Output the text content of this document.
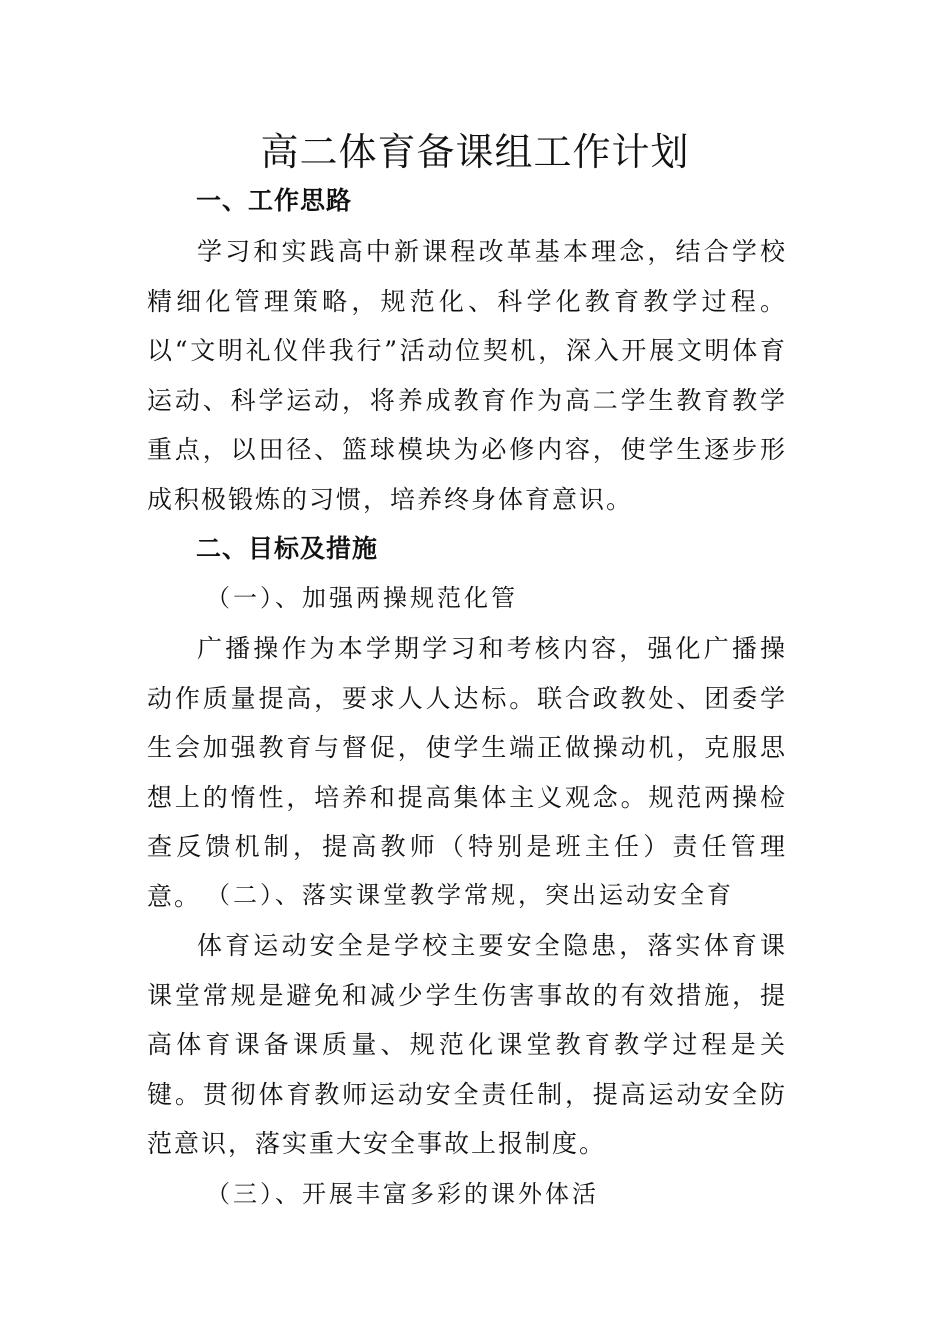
高二体育备课组工作计划
一、工作思路

学习和实践高中新课程改革基本理念，结合学校精细化管理策略，规范化、科学化教育教学过程。以“文明礼仪伴我行”活动位契机，深入开展文明体育运动、科学运动，将养成教育作为高二学生教育教学重点，以田径、篮球模块为必修内容，使学生逐步形成积极锻炼的习惯，培养终身体育意识。

二、目标及措施
（一）、加强两操规范化管

广播操作为本学期学习和考核内容，强化广播操动作质量提高，要求人人达标。联合政教处、团委学生会加强教育与督促，使学生端正做操动机，克服思想上的惰性，培养和提高集体主义观念。规范两操检查反馈机制，提高教师（特别是班主任）责任管理意。 （二）、落实课堂教学常规，突出运动安全育

体育运动安全是学校主要安全隐患，落实体育课课堂常规是避免和减少学生伤害事故的有效措施，提高体育课备课质量、规范化课堂教育教学过程是关键。贯彻体育教师运动安全责任制，提高运动安全防范意识，落实重大安全事故上报制度。

（三）、开展丰富多彩的课外体活
